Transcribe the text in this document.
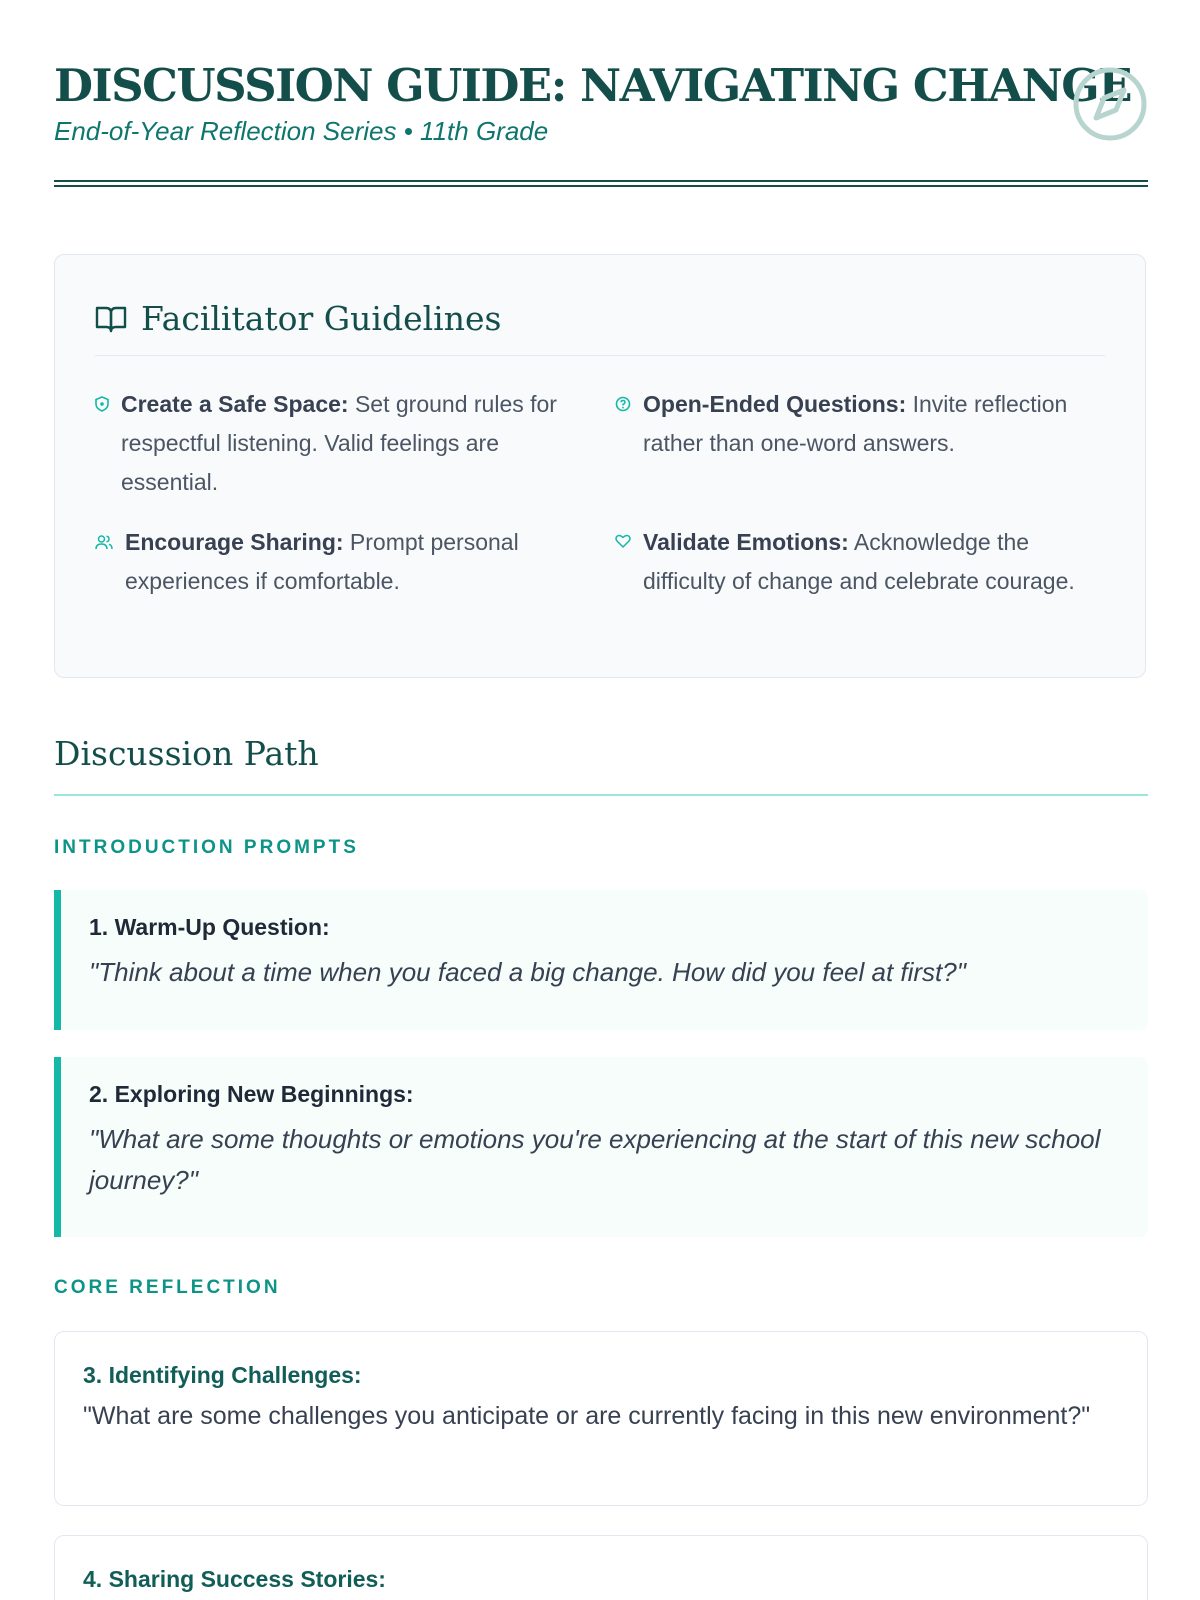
DISCUSSION GUIDE: NAVIGATING CHANGE
End-of-Year Reflection Series • 11th Grade
Facilitator Guidelines
Create a Safe Space: Set ground rules for respectful listening. Valid feelings are essential.
Open-Ended Questions: Invite reflection rather than one-word answers.
Encourage Sharing: Prompt personal experiences if comfortable.
Validate Emotions: Acknowledge the difficulty of change and celebrate courage.
Discussion Path
INTRODUCTION PROMPTS
1. Warm-Up Question:
"Think about a time when you faced a big change. How did you feel at first?"
2. Exploring New Beginnings:
"What are some thoughts or emotions you're experiencing at the start of this new school journey?"
CORE REFLECTION
3. Identifying Challenges:
"What are some challenges you anticipate or are currently facing in this new environment?"
4. Sharing Success Stories:
